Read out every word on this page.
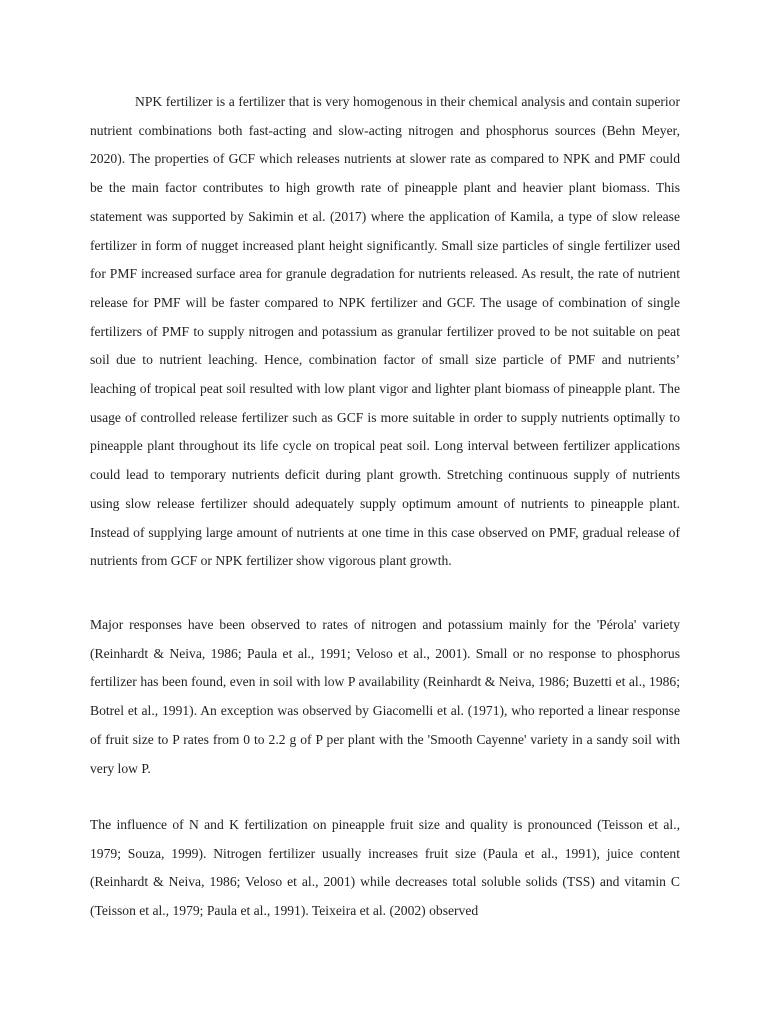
NPK fertilizer is a fertilizer that is very homogenous in their chemical analysis and contain superior nutrient combinations both fast-acting and slow-acting nitrogen and phosphorus sources (Behn Meyer, 2020). The properties of GCF which releases nutrients at slower rate as compared to NPK and PMF could be the main factor contributes to high growth rate of pineapple plant and heavier plant biomass. This statement was supported by Sakimin et al. (2017) where the application of Kamila, a type of slow release fertilizer in form of nugget increased plant height significantly. Small size particles of single fertilizer used for PMF increased surface area for granule degradation for nutrients released. As result, the rate of nutrient release for PMF will be faster compared to NPK fertilizer and GCF. The usage of combination of single fertilizers of PMF to supply nitrogen and potassium as granular fertilizer proved to be not suitable on peat soil due to nutrient leaching. Hence, combination factor of small size particle of PMF and nutrients’ leaching of tropical peat soil resulted with low plant vigor and lighter plant biomass of pineapple plant. The usage of controlled release fertilizer such as GCF is more suitable in order to supply nutrients optimally to pineapple plant throughout its life cycle on tropical peat soil. Long interval between fertilizer applications could lead to temporary nutrients deficit during plant growth. Stretching continuous supply of nutrients using slow release fertilizer should adequately supply optimum amount of nutrients to pineapple plant. Instead of supplying large amount of nutrients at one time in this case observed on PMF, gradual release of nutrients from GCF or NPK fertilizer show vigorous plant growth.

Major responses have been observed to rates of nitrogen and potassium mainly for the 'Pérola' variety (Reinhardt & Neiva, 1986; Paula et al., 1991; Veloso et al., 2001). Small or no response to phosphorus fertilizer has been found, even in soil with low P availability (Reinhardt & Neiva, 1986; Buzetti et al., 1986; Botrel et al., 1991). An exception was observed by Giacomelli et al. (1971), who reported a linear response of fruit size to P rates from 0 to 2.2 g of P per plant with the 'Smooth Cayenne' variety in a sandy soil with very low P.

The influence of N and K fertilization on pineapple fruit size and quality is pronounced (Teisson et al., 1979; Souza, 1999). Nitrogen fertilizer usually increases fruit size (Paula et al., 1991), juice content (Reinhardt & Neiva, 1986; Veloso et al., 2001) while decreases total soluble solids (TSS) and vitamin C (Teisson et al., 1979; Paula et al., 1991). Teixeira et al. (2002) observed
